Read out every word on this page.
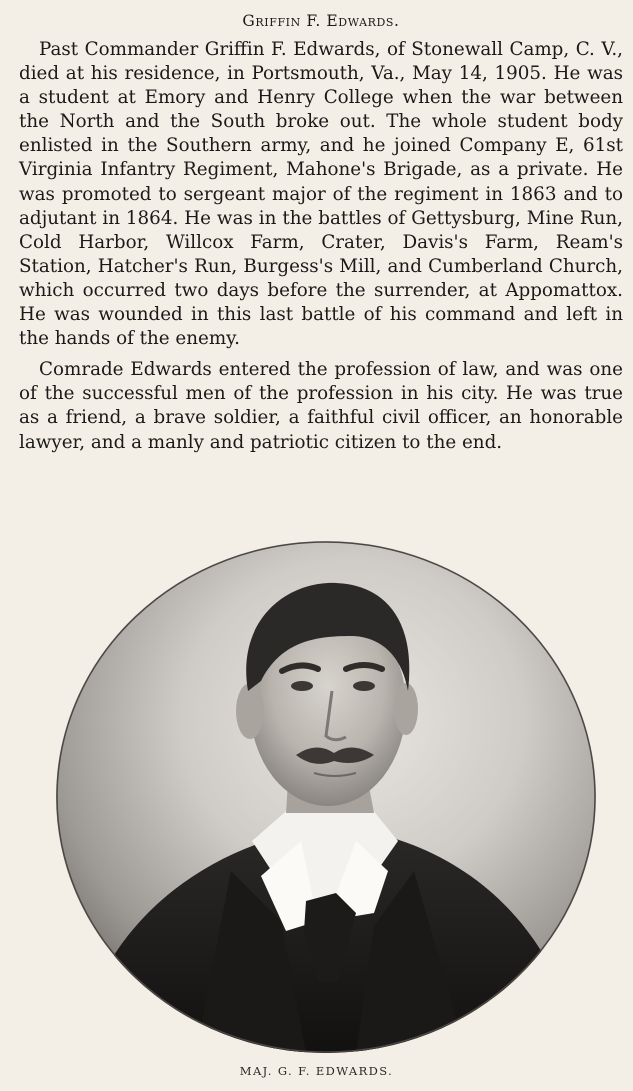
Griffin F. Edwards.

Past Commander Griffin F. Edwards, of Stonewall Camp, C. V., died at his residence, in Portsmouth, Va., May 14, 1905. He was a student at Emory and Henry College when the war between the North and the South broke out. The whole student body enlisted in the Southern army, and he joined Company E, 61st Virginia Infantry Regiment, Mahone's Brigade, as a private. He was promoted to sergeant major of the regiment in 1863 and to adjutant in 1864. He was in the battles of Gettysburg, Mine Run, Cold Harbor, Willcox Farm, Crater, Davis's Farm, Ream's Station, Hatcher's Run, Burgess's Mill, and Cumberland Church, which occurred two days before the surrender, at Appomattox. He was wounded in this last battle of his command and left in the hands of the enemy.

Comrade Edwards entered the profession of law, and was one of the successful men of the profession in his city. He was true as a friend, a brave soldier, a faithful civil officer, an honorable lawyer, and a manly and patriotic citizen to the end.

MAJ. G. F. EDWARDS.
